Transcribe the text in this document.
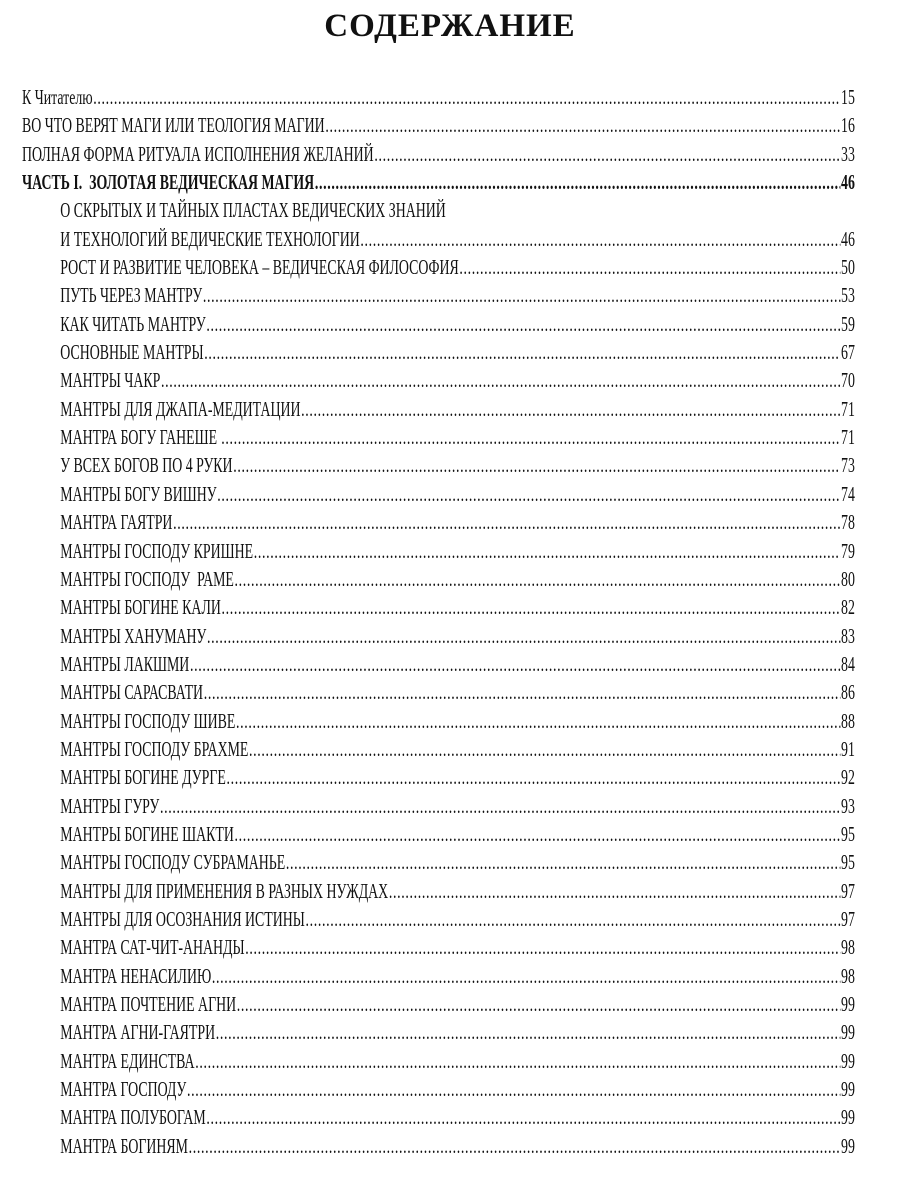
СОДЕРЖАНИЕ
К Читателю .....	15
ВО ЧТО ВЕРЯТ МАГИ ИЛИ ТЕОЛОГИЯ МАГИИ .....	16
ПОЛНАЯ ФОРМА РИТУАЛА ИСПОЛНЕНИЯ ЖЕЛАНИЙ .....	33
ЧАСТЬ I.  ЗОЛОТАЯ ВЕДИЧЕСКАЯ МАГИЯ .....	46
О СКРЫТЫХ И ТАЙНЫХ ПЛАСТАХ ВЕДИЧЕСКИХ ЗНАНИЙ
И ТЕХНОЛОГИЙ ВЕДИЧЕСКИЕ ТЕХНОЛОГИИ .....	46
РОСТ И РАЗВИТИЕ ЧЕЛОВЕКА – ВЕДИЧЕСКАЯ ФИЛОСОФИЯ .....	50
ПУТЬ ЧЕРЕЗ МАНТРУ .....	53
КАК ЧИТАТЬ МАНТРУ .....	59
ОСНОВНЫЕ МАНТРЫ .....	67
МАНТРЫ ЧАКР .....	70
МАНТРЫ ДЛЯ ДЖАПА-МЕДИТАЦИИ .....	71
МАНТРА БОГУ ГАНЕШЕ .....	71
У ВСЕХ БОГОВ ПО 4 РУКИ .....	73
МАНТРЫ БОГУ ВИШНУ .....	74
МАНТРА ГАЯТРИ .....	78
МАНТРЫ ГОСПОДУ КРИШНЕ .....	79
МАНТРЫ ГОСПОДУ  РАМЕ .....	80
МАНТРЫ БОГИНЕ КАЛИ .....	82
МАНТРЫ ХАНУМАНУ .....	83
МАНТРЫ ЛАКШМИ .....	84
МАНТРЫ САРАСВАТИ .....	86
МАНТРЫ ГОСПОДУ ШИВЕ .....	88
МАНТРЫ ГОСПОДУ БРАХМЕ .....	91
МАНТРЫ БОГИНЕ ДУРГЕ .....	92
МАНТРЫ ГУРУ .....	93
МАНТРЫ БОГИНЕ ШАКТИ .....	95
МАНТРЫ ГОСПОДУ СУБРАМАНЬЕ .....	95
МАНТРЫ ДЛЯ ПРИМЕНЕНИЯ В РАЗНЫХ НУЖДАХ .....	97
МАНТРЫ ДЛЯ ОСОЗНАНИЯ ИСТИНЫ .....	97
МАНТРА САТ-ЧИТ-АНАНДЫ .....	98
МАНТРА НЕНАСИЛИЮ .....	98
МАНТРА ПОЧТЕНИЕ АГНИ .....	99
МАНТРА АГНИ-ГАЯТРИ .....	99
МАНТРА ЕДИНСТВА .....	99
МАНТРА ГОСПОДУ .....	99
МАНТРА ПОЛУБОГАМ .....	99
МАНТРА БОГИНЯМ .....	99
